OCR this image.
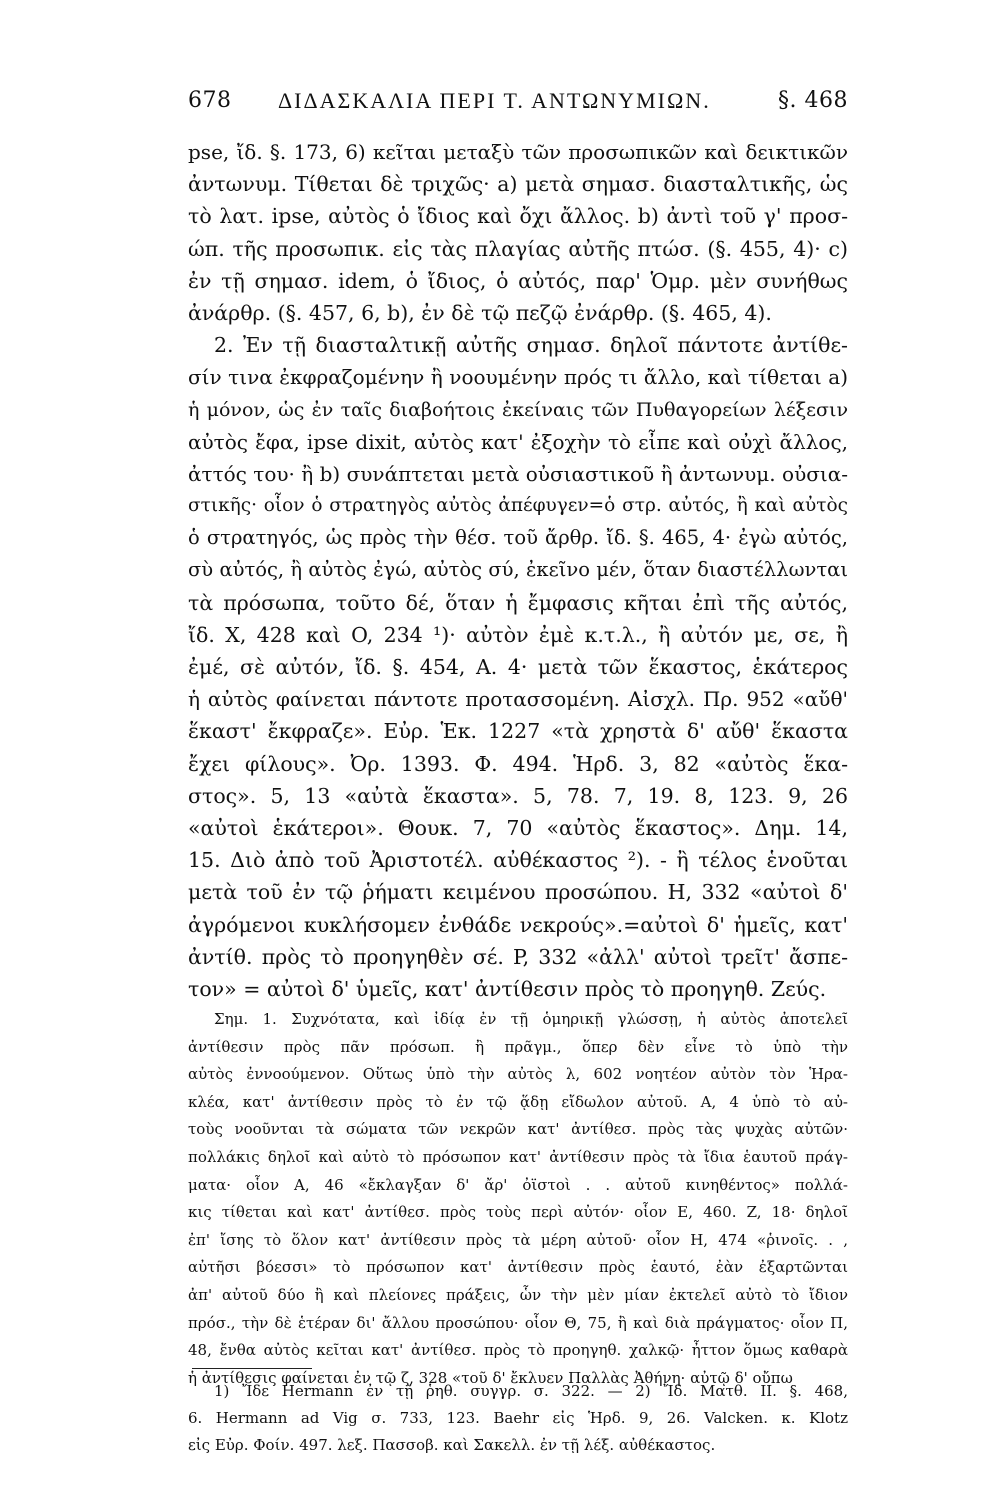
678 ΔΙΔΑΣΚΑΛΙΑ ΠΕΡΙ Τ. ΑΝΤΩΝΥΜΙΩΝ.	§. 468
pse, ἴδ. §. 173, 6) κεῖται μεταξὺ τῶν προσωπικῶν καὶ δεικτικῶν
ἀντωνυμ. Τίθεται δὲ τριχῶς· a) μετὰ σημασ. διασταλτικῆς, ὡς
τὸ λατ. ipse, αὐτὸς ὁ ἴδιος καὶ ὄχι ἄλλος. b) ἀντὶ τοῦ γ' προσ-
ώπ. τῆς προσωπικ. εἰς τὰς πλαγίας αὐτῆς πτώσ. (§. 455, 4)· c)
ἐν τῇ σημασ. idem, ὁ ἴδιος, ὁ αὐτός, παρ' Ὁμρ. μὲν συνήθως
ἀνάρθρ. (§. 457, 6, b), ἐν δὲ τῷ πεζῷ ἐνάρθρ. (§. 465, 4).
2. Ἐν τῇ διασταλτικῇ αὐτῆς σημασ. δηλοῖ πάντοτε ἀντίθε-
σίν τινα ἐκφραζομένην ἢ νοουμένην πρός τι ἄλλο, καὶ τίθεται a)
ἡ μόνον, ὡς ἐν ταῖς διαβοήτοις ἐκείναις τῶν Πυθαγορείων λέξεσιν
αὐτὸς ἔφα, ipse dixit, αὐτὸς κατ' ἐξοχὴν τὸ εἶπε καὶ οὐχὶ ἄλλος,
ἀττός του· ἢ b) συνάπτεται μετὰ οὐσιαστικοῦ ἢ ἀντωνυμ. οὐσια-
στικῆς· οἷον ὁ στρατηγὸς αὐτὸς ἀπέφυγεν=ὁ στρ. αὐτός, ἢ καὶ αὐτὸς
ὁ στρατηγός, ὡς πρὸς τὴν θέσ. τοῦ ἄρθρ. ἴδ. §. 465, 4· ἐγὼ αὐτός,
σὺ αὐτός, ἢ αὐτὸς ἐγώ, αὐτὸς σύ, ἐκεῖνο μέν, ὅταν διαστέλλωνται
τὰ πρόσωπα, τοῦτο δέ, ὅταν ἡ ἔμφασις κῆται ἐπὶ τῆς αὐτός,
ἴδ. X, 428 καὶ O, 234 ¹)· αὐτὸν ἐμὲ κ.τ.λ., ἢ αὐτόν με, σε, ἢ
ἐμέ, σὲ αὐτόν, ἴδ. §. 454, A. 4· μετὰ τῶν ἕκαστος, ἑκάτερος
ἡ αὐτὸς φαίνεται πάντοτε προτασσομένη. Αἰσχλ. Πρ. 952 «αὔθ'
ἕκαστ' ἔκφραζε». Εὐρ. Ἑκ. 1227 «τὰ χρηστὰ δ' αὔθ' ἕκαστα
ἔχει φίλους». Ὀρ. 1393. Φ. 494. Ἡρδ. 3, 82 «αὐτὸς ἕκα-
στος». 5, 13 «αὐτὰ ἕκαστα». 5, 78. 7, 19. 8, 123. 9, 26
«αὐτοὶ ἑκάτεροι». Θουκ. 7, 70 «αὐτὸς ἕκαστος». Δημ. 14,
15. Διὸ ἀπὸ τοῦ Ἀριστοτέλ. αὐθέκαστος ²). - ἢ τέλος ἑνοῦται
μετὰ τοῦ ἐν τῷ ῥήματι κειμένου προσώπου. H, 332 «αὐτοὶ δ'
ἀγρόμενοι κυκλήσομεν ἐνθάδε νεκρούς».=αὐτοὶ δ' ἡμεῖς, κατ'
ἀντίθ. πρὸς τὸ προηγηθὲν σέ. P, 332 «ἀλλ' αὐτοὶ τρεῖτ' ἄσπε-
τον» = αὐτοὶ δ' ὑμεῖς, κατ' ἀντίθεσιν πρὸς τὸ προηγηθ. Ζεύς.
Σημ. 1. Συχνότατα, καὶ ἰδίᾳ ἐν τῇ ὁμηρικῇ γλώσσῃ, ἡ αὐτὸς ἀποτελεῖ
ἀντίθεσιν πρὸς πᾶν πρόσωπ. ἢ πρᾶγμ., ὅπερ δὲν εἶνε τὸ ὑπὸ τὴν
αὐτὸς ἐννοούμενον. Οὕτως ὑπὸ τὴν αὐτὸς λ, 602 νοητέον αὐτὸν τὸν Ἡρα-
κλέα, κατ' ἀντίθεσιν πρὸς τὸ ἐν τῷ ᾅδῃ εἴδωλον αὐτοῦ. A, 4 ὑπὸ τὸ αὐ-
τοὺς νοοῦνται τὰ σώματα τῶν νεκρῶν κατ' ἀντίθεσ. πρὸς τὰς ψυχὰς αὐτῶν·
πολλάκις δηλοῖ καὶ αὐτὸ τὸ πρόσωπον κατ' ἀντίθεσιν πρὸς τὰ ἴδια ἑαυτοῦ πράγ-
ματα· οἷον A, 46 «ἔκλαγξαν δ' ἄρ' ὀϊστοὶ . . αὐτοῦ κινηθέντος» πολλά-
κις τίθεται καὶ κατ' ἀντίθεσ. πρὸς τοὺς περὶ αὐτόν· οἷον E, 460. Z, 18· δηλοῖ
ἐπ' ἴσης τὸ ὅλον κατ' ἀντίθεσιν πρὸς τὰ μέρη αὐτοῦ· οἷον H, 474 «ῥινοῖς. . ,
αὐτῆσι βόεσσι» τὸ πρόσωπον κατ' ἀντίθεσιν πρὸς ἑαυτό, ἐὰν ἐξαρτῶνται
ἀπ' αὐτοῦ δύο ἢ καὶ πλείονες πράξεις, ὧν τὴν μὲν μίαν ἐκτελεῖ αὐτὸ τὸ ἴδιον
πρόσ., τὴν δὲ ἑτέραν δι' ἄλλου προσώπου· οἷον Θ, 75, ἢ καὶ διὰ πράγματος· οἷον Π,
48, ἔνθα αὐτὸς κεῖται κατ' ἀντίθεσ. πρὸς τὸ προηγηθ. χαλκῷ· ἦττον ὅμως καθαρὰ
ἡ ἀντίθεσις φαίνεται ἐν τῷ ζ, 328 «τοῦ δ' ἔκλυεν Παλλὰς Ἀθήνη· αὐτῷ δ' οὔπω
1) Ἴδε Hermann ἐν τῇ ῥηθ. συγγρ. σ. 322. — 2) Ἴδ. Ματθ. II. §. 468,
6. Hermann ad Vig σ. 733, 123. Baehr εἰς Ἡρδ. 9, 26. Valcken. κ. Klotz
εἰς Εὐρ. Φοίν. 497. λεξ. Πασσοβ. καὶ Σακελλ. ἐν τῇ λέξ. αὐθέκαστος.
